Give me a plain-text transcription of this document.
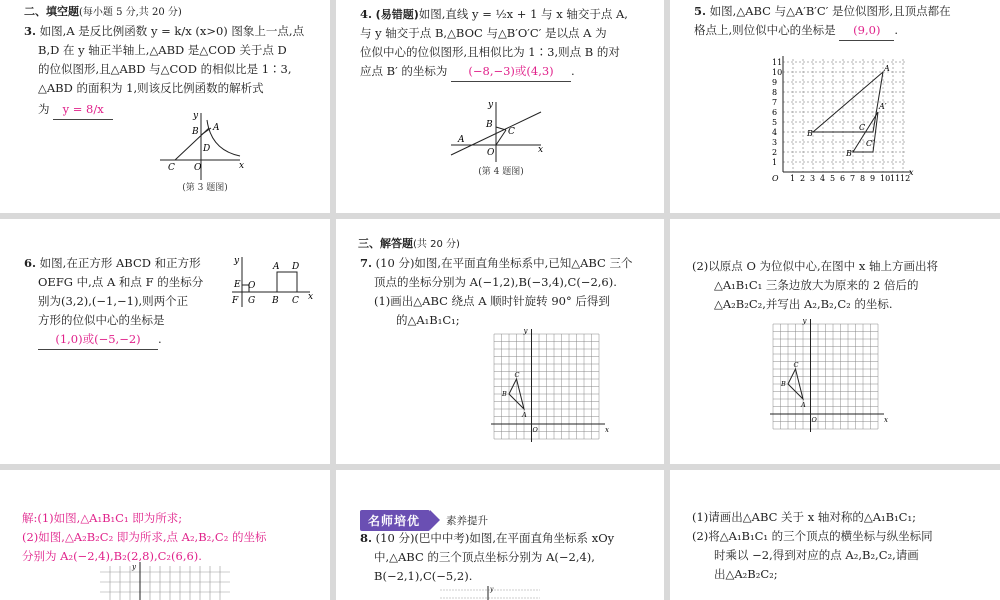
二、填空题(每小题 5 分,共 20 分)
3. 如图,A 是反比例函数 y = k/x (x>0) 图象上一点,点
B,D 在 y 轴正半轴上,△ABD 是△COD 关于点 D
的位似图形,且△ABD 与△COD 的相似比是 1∶3,
△ABD 的面积为 1,则该反比例函数的解析式
为 y = 8/x	y
x
A
B
C
D
O
(第 3 题图)
4. (易错题)如图,直线 y = ½x + 1 与 x 轴交于点 A,
与 y 轴交于点 B,△BOC 与△B′O′C′ 是以点 A 为
位似中心的位似图形,且相似比为 1∶3,则点 B 的对
应点 B′ 的坐标为 (−8,−3)或(4,3) .
y
x
A
B
C
O
(第 4 题图)
5. 如图,△ABC 与△A′B′C′ 是位似图形,且顶点都在
格点上,则位似中心的坐标是 (9,0) .
1 2 3 4 5 6 7 8 9 10 11 12
1
2
3
4
5
6
7
8
9
10
11
O
x
B
A
C
B′
A′
C′
6. 如图,在正方形 ABCD 和正方形
OEFG 中,点 A 和点 F 的坐标分
别为(3,2),(−1,−1),则两个正
方形的位似中心的坐标是 (1,0)或(−5,−2) .
y
x
A D
E O
F G B C
三、解答题(共 20 分)
7. (10 分)如图,在平面直角坐标系中,已知△ABC 三个
顶点的坐标分别为 A(−1,2),B(−3,4),C(−2,6).
(1)画出△ABC 绕点 A 顺时针旋转 90° 后得到
的△A₁B₁C₁;
y
x
O
A
B
C
(2)以原点 O 为位似中心,在图中 x 轴上方画出将
△A₁B₁C₁ 三条边放大为原来的 2 倍后的
△A₂B₂C₂,并写出 A₂,B₂,C₂ 的坐标.
y
x
O
A
B
C
解:(1)如图,△A₁B₁C₁ 即为所求;
(2)如图,△A₂B₂C₂ 即为所求,点 A₂,B₂,C₂ 的坐标
分别为 A₂(−2,4),B₂(2,8),C₂(6,6).
y
名师培优	素养提升
8. (10 分)(巴中中考)如图,在平面直角坐标系 xOy
中,△ABC 的三个顶点坐标分别为 A(−2,4),
B(−2,1),C(−5,2).
y
(1)请画出△ABC 关于 x 轴对称的△A₁B₁C₁;
(2)将△A₁B₁C₁ 的三个顶点的横坐标与纵坐标同
时乘以 −2,得到对应的点 A₂,B₂,C₂,请画
出△A₂B₂C₂;
